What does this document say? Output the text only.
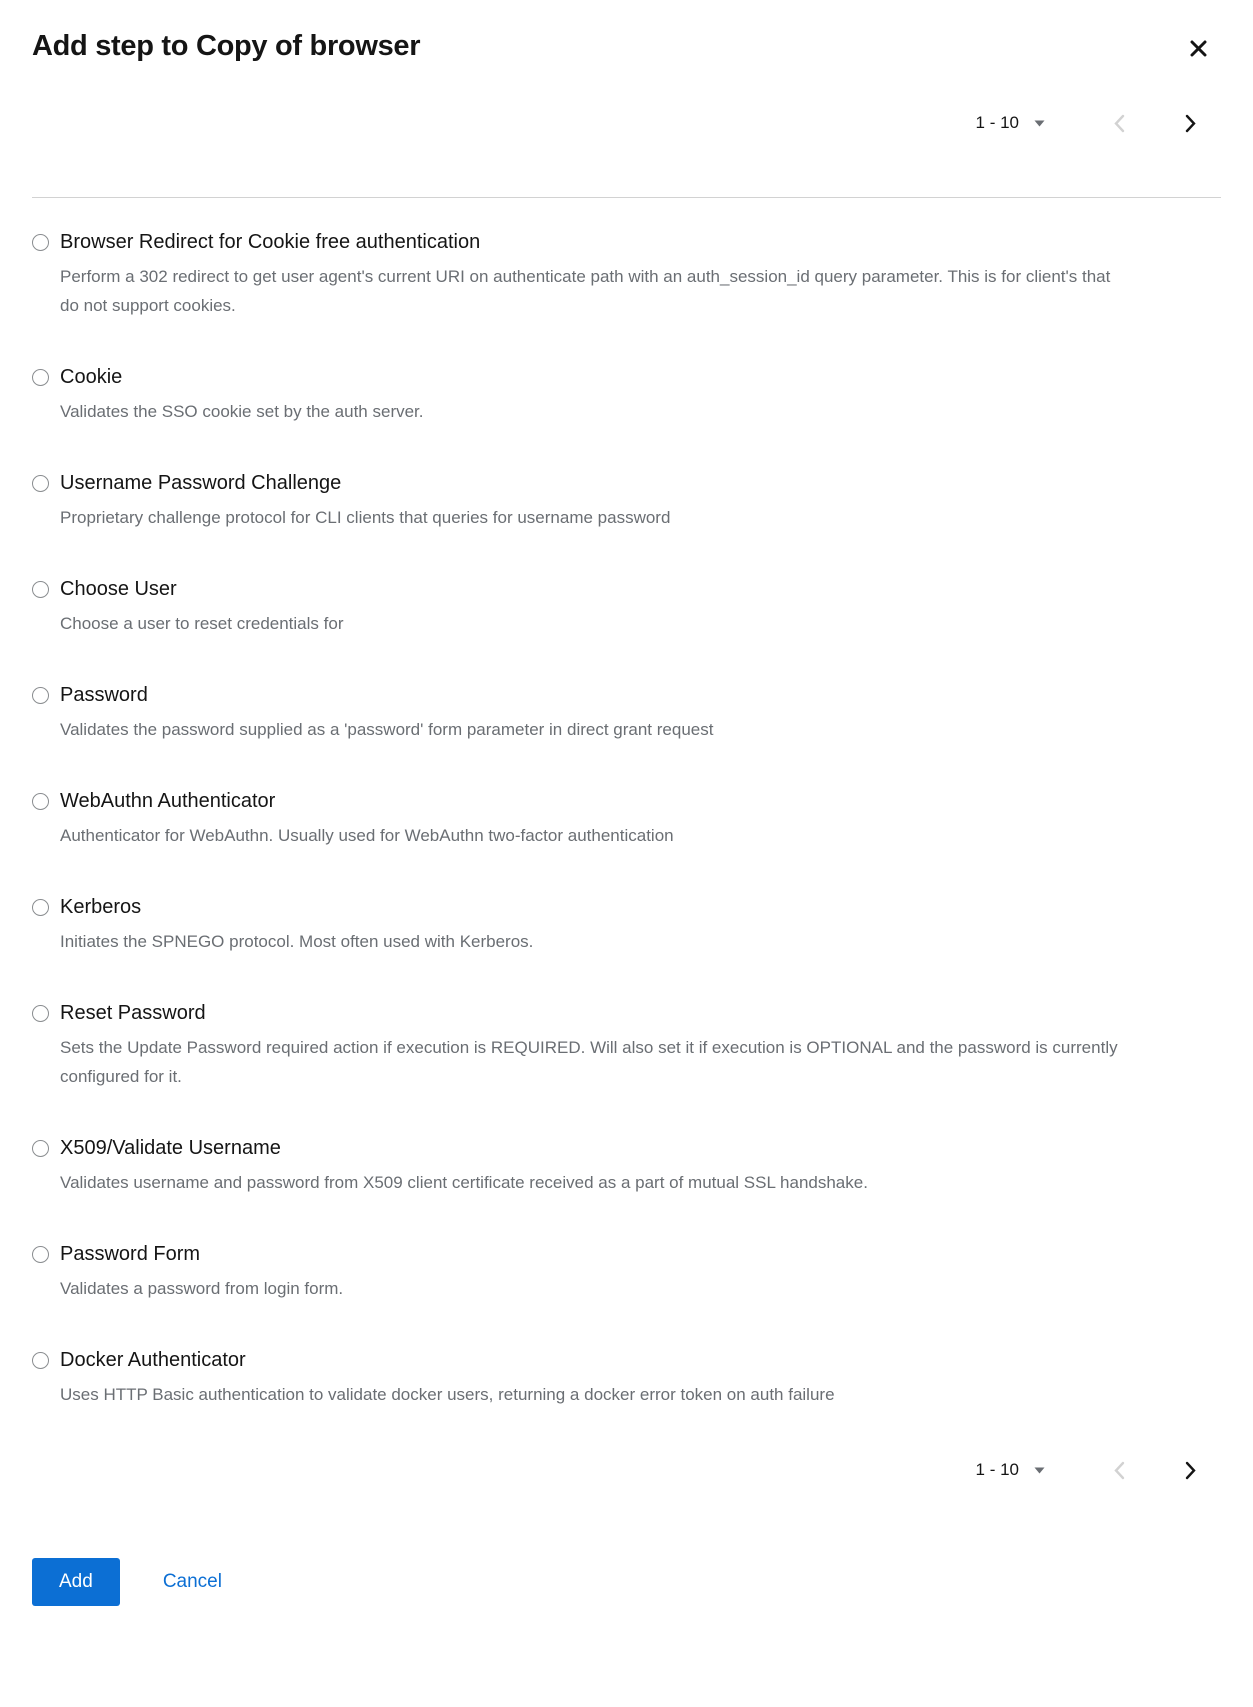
Add step to Copy of browser
1 - 10
Browser Redirect for Cookie free authentication

Perform a 302 redirect to get user agent's current URI on authenticate path with an auth_session_id query parameter. This is for client's that do not support cookies.

Cookie

Validates the SSO cookie set by the auth server.

Username Password Challenge

Proprietary challenge protocol for CLI clients that queries for username password

Choose User

Choose a user to reset credentials for

Password

Validates the password supplied as a 'password' form parameter in direct grant request

WebAuthn Authenticator

Authenticator for WebAuthn. Usually used for WebAuthn two-factor authentication

Kerberos

Initiates the SPNEGO protocol. Most often used with Kerberos.

Reset Password

Sets the Update Password required action if execution is REQUIRED. Will also set it if execution is OPTIONAL and the password is currently configured for it.

X509/Validate Username

Validates username and password from X509 client certificate received as a part of mutual SSL handshake.

Password Form

Validates a password from login form.

Docker Authenticator

Uses HTTP Basic authentication to validate docker users, returning a docker error token on auth failure

1 - 10
Add	Cancel
